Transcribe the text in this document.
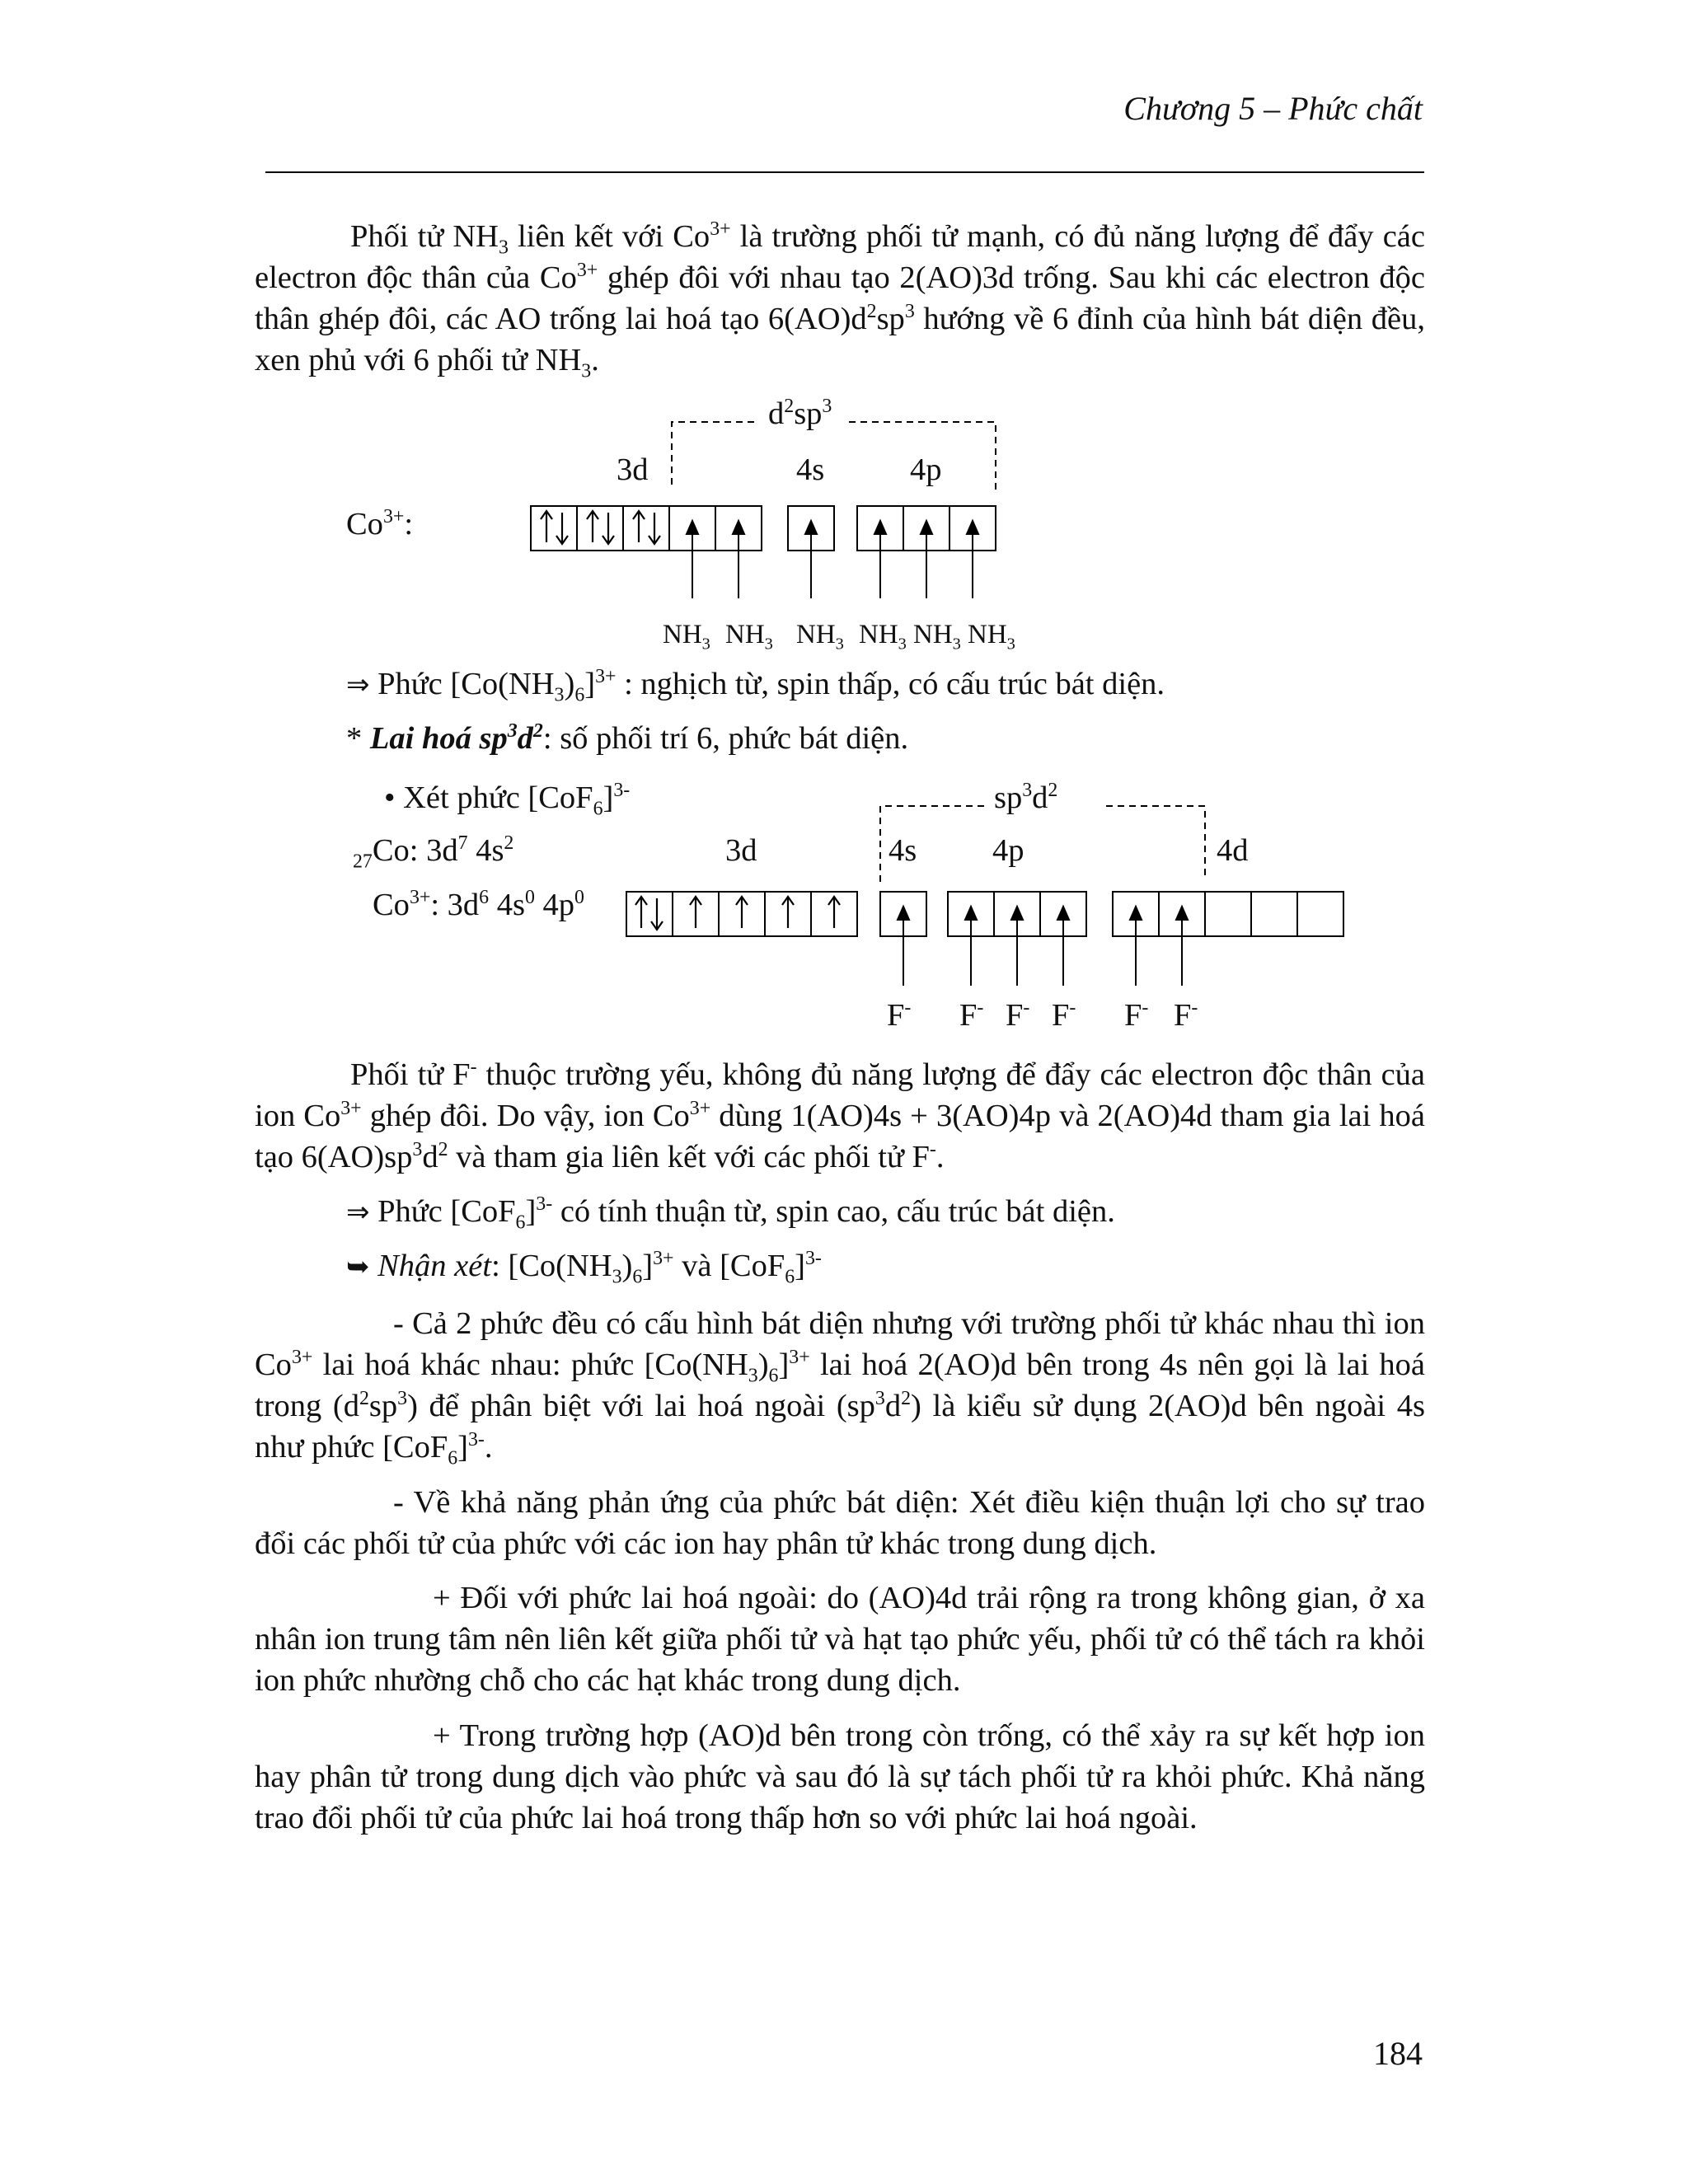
Chương 5 – Phức chất
Phối tử $NH_3$ liên kết với $Co^{3+}$ là trường phối tử mạnh, có đủ năng lượng để đẩy các electron độc thân của $Co^{3+}$ ghép đôi với nhau tạo 2(AO)3d trống. Sau khi các electron độc thân ghép đôi, các AO trống lai hoá tạo $6(AO)d^2sp^3$ hướng về 6 đỉnh của hình bát diện đều, xen phủ với 6 phối tử $NH_3$.
$d^2sp^3$
3d	4s	4p
$Co^{3+}$:
$NH_3$ $NH_3$ $NH_3$ $NH_3$ $NH_3$ $NH_3$
⇒ Phức $[Co(NH_3)_6]^{3+}$ : nghịch từ, spin thấp, có cấu trúc bát diện.
* Lai hoá $sp^3d^2$: số phối trí 6, phức bát diện.
• Xét phức $[CoF_6]^{3-}$	$sp^3d^2$
$_{27}$Co: $3d^7$ $4s^2$	3d	4s 4p	4d
$Co^{3+}$: $3d^6$ $4s^0$ $4p^0$
F- F- F- F- F- F-
Phối tử F- thuộc trường yếu, không đủ năng lượng để đẩy các electron độc thân của ion $Co^{3+}$ ghép đôi. Do vậy, ion $Co^{3+}$ dùng 1(AO)4s + 3(AO)4p và 2(AO)4d tham gia lai hoá tạo $6(AO)sp^3d^2$ và tham gia liên kết với các phối tử F-.
⇒ Phức $[CoF_6]^{3-}$ có tính thuận từ, spin cao, cấu trúc bát diện.
➥ Nhận xét: $[Co(NH_3)_6]^{3+}$ và $[CoF_6]^{3-}$
- Cả 2 phức đều có cấu hình bát diện nhưng với trường phối tử khác nhau thì ion $Co^{3+}$ lai hoá khác nhau: phức $[Co(NH_3)_6]^{3+}$ lai hoá 2(AO)d bên trong 4s nên gọi là lai hoá trong $(d^2sp^3)$ để phân biệt với lai hoá ngoài $(sp^3d^2)$ là kiểu sử dụng 2(AO)d bên ngoài 4s như phức $[CoF_6]^{3-}$.
- Về khả năng phản ứng của phức bát diện: Xét điều kiện thuận lợi cho sự trao đổi các phối tử của phức với các ion hay phân tử khác trong dung dịch.
+ Đối với phức lai hoá ngoài: do (AO)4d trải rộng ra trong không gian, ở xa nhân ion trung tâm nên liên kết giữa phối tử và hạt tạo phức yếu, phối tử có thể tách ra khỏi ion phức nhường chỗ cho các hạt khác trong dung dịch.
+ Trong trường hợp (AO)d bên trong còn trống, có thể xảy ra sự kết hợp ion hay phân tử trong dung dịch vào phức và sau đó là sự tách phối tử ra khỏi phức. Khả năng trao đổi phối tử của phức lai hoá trong thấp hơn so với phức lai hoá ngoài.
184
